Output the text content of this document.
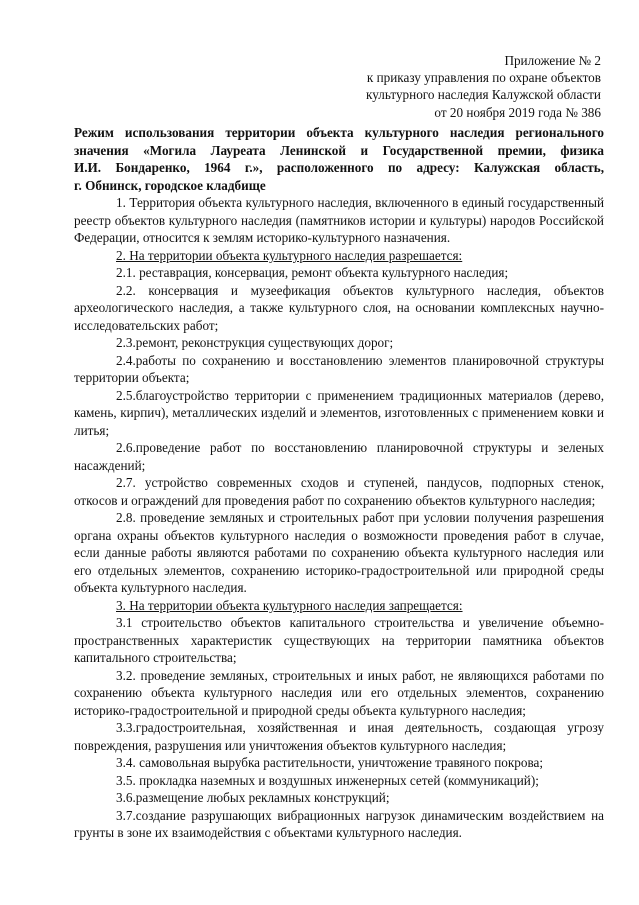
Приложение № 2
к приказу управления по охране объектов
культурного наследия Калужской области
от 20 ноября 2019 года № 386
Режим использования территории объекта культурного наследия регионального
значения «Могила Лауреата Ленинской и Государственной премии, физика
И.И. Бондаренко, 1964 г.», расположенного по адресу: Калужская область,
г. Обнинск, городское кладбище

1. Территория объекта культурного наследия, включенного в единый государственный реестр объектов культурного наследия (памятников истории и культуры) народов Российской Федерации, относится к землям историко-культурного назначения.

2. На территории объекта культурного наследия разрешается:

2.1. реставрация, консервация, ремонт объекта культурного наследия;

2.2. консервация и музеефикация объектов культурного наследия, объектов археологического наследия, а также культурного слоя, на основании комплексных научно-исследовательских работ;

2.3.ремонт, реконструкция существующих дорог;

2.4.работы по сохранению и восстановлению элементов планировочной структуры территории объекта;

2.5.благоустройство территории с применением традиционных материалов (дерево, камень, кирпич), металлических изделий и элементов, изготовленных с применением ковки и литья;

2.6.проведение работ по восстановлению планировочной структуры и зеленых насаждений;

2.7. устройство современных сходов и ступеней, пандусов, подпорных стенок, откосов и ограждений для проведения работ по сохранению объектов культурного наследия;

2.8. проведение земляных и строительных работ при условии получения разрешения органа охраны объектов культурного наследия о возможности проведения работ в случае, если данные работы являются работами по сохранению объекта культурного наследия или его отдельных элементов, сохранению историко-градостроительной или природной среды объекта культурного наследия.

3. На территории объекта культурного наследия запрещается:

3.1 строительство объектов капитального строительства и увеличение объемно-пространственных характеристик существующих на территории памятника объектов капитального строительства;

3.2. проведение земляных, строительных и иных работ, не являющихся работами по сохранению объекта культурного наследия или его отдельных элементов, сохранению историко-градостроительной и природной среды объекта культурного наследия;

3.3.градостроительная, хозяйственная и иная деятельность, создающая угрозу повреждения, разрушения или уничтожения объектов культурного наследия;

3.4. самовольная вырубка растительности, уничтожение травяного покрова;

3.5. прокладка наземных и воздушных инженерных сетей (коммуникаций);

3.6.размещение любых рекламных конструкций;

3.7.создание разрушающих вибрационных нагрузок динамическим воздействием на грунты в зоне их взаимодействия с объектами культурного наследия.
